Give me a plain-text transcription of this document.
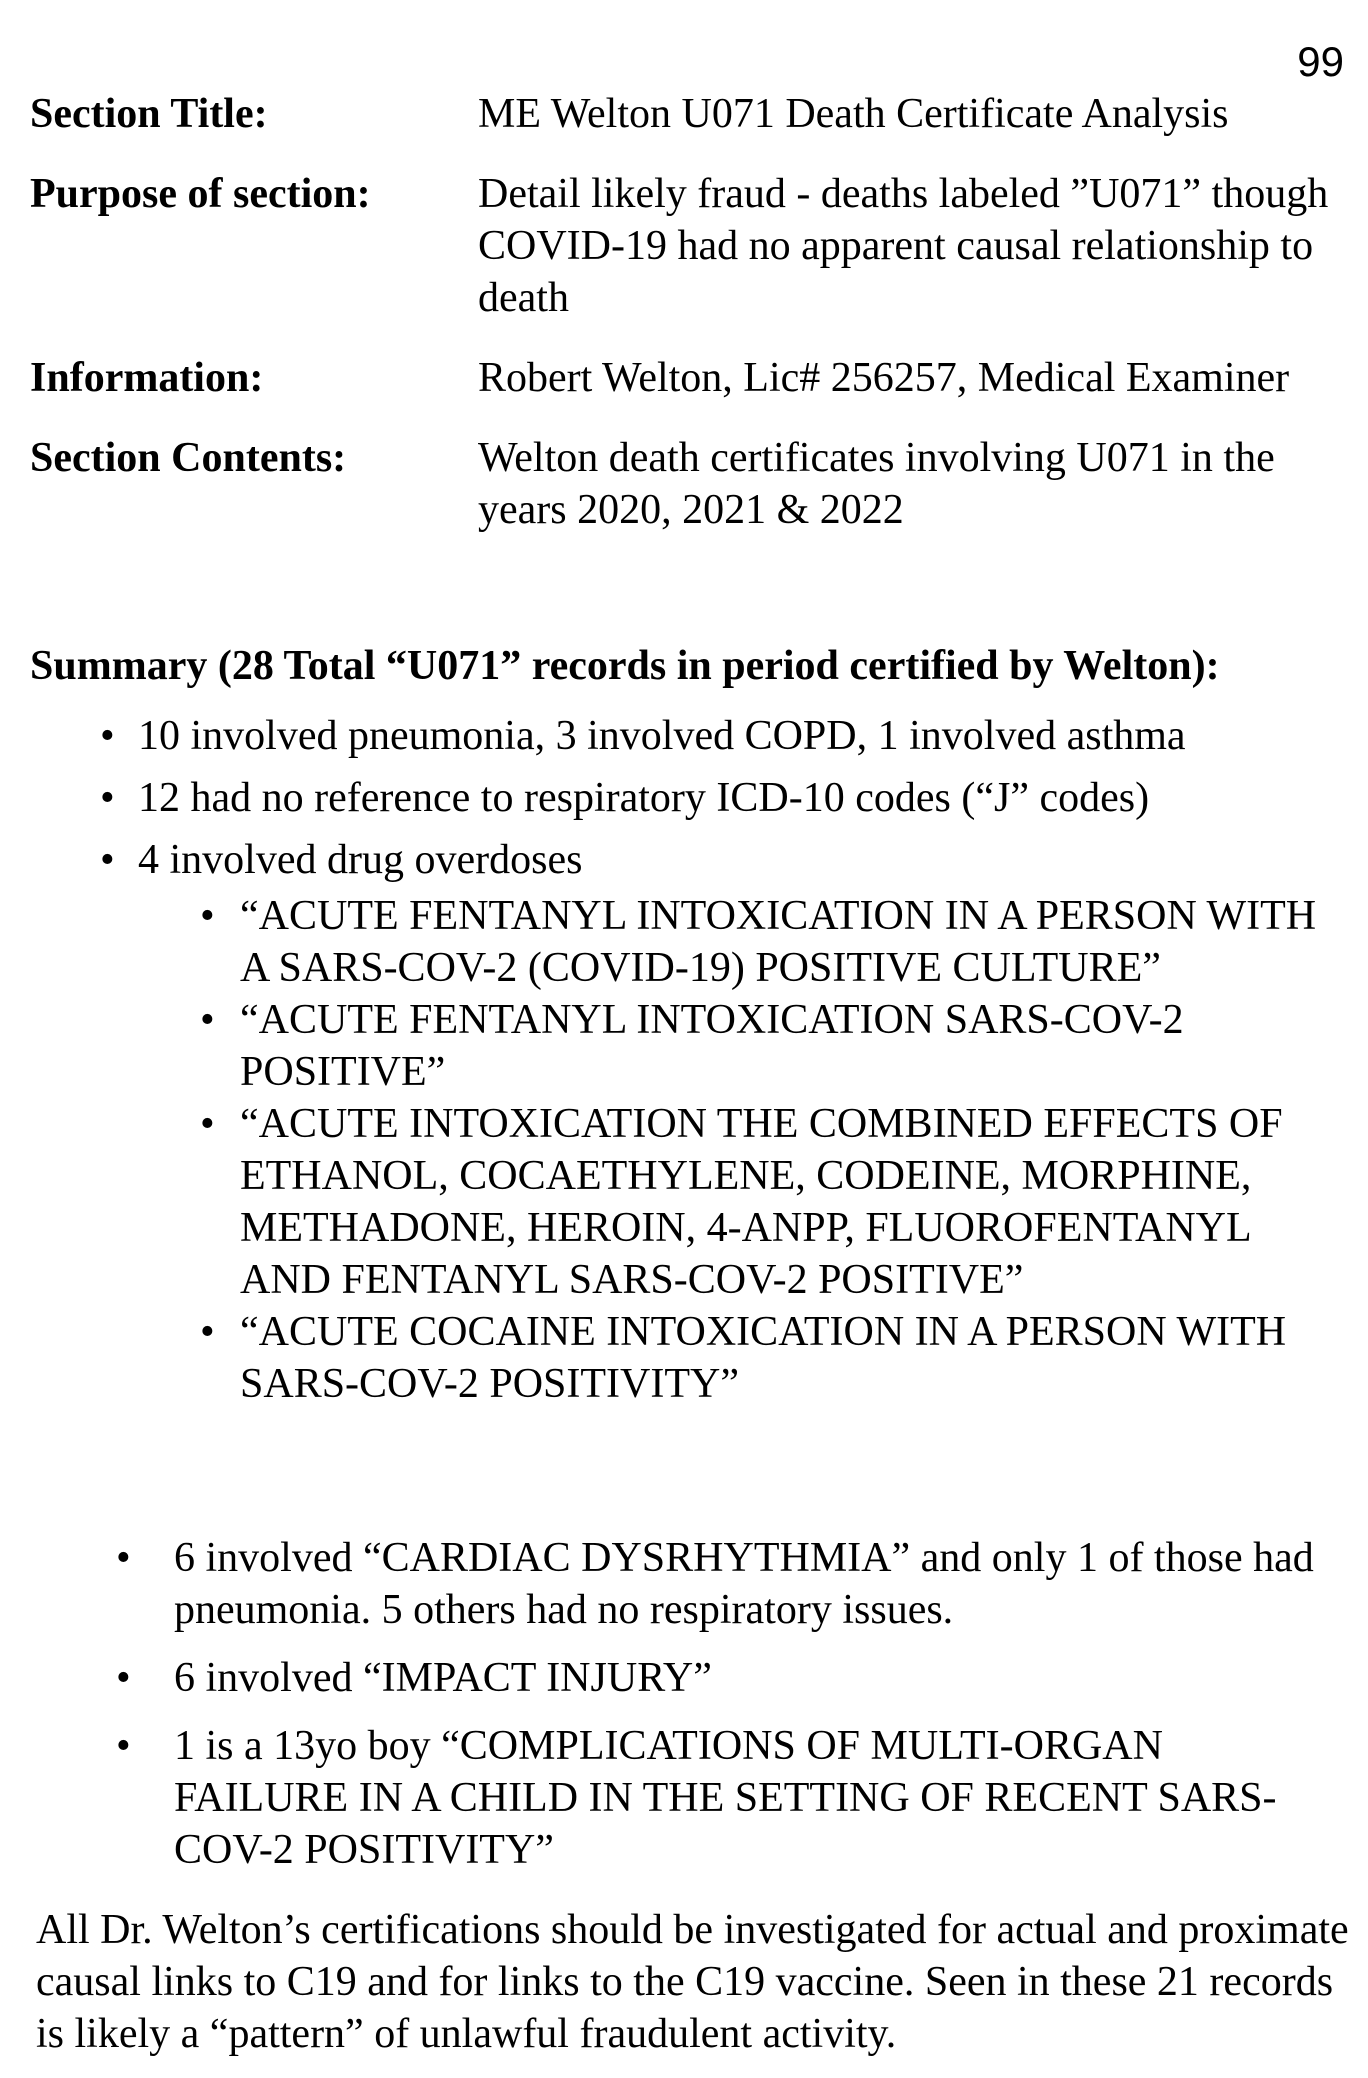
99
Section Title:	ME Welton U071 Death Certificate Analysis
Purpose of section:	Detail likely fraud - deaths labeled ”U071” though COVID-19 had no apparent causal relationship to death
Information:	Robert Welton, Lic# 256257, Medical Examiner
Section Contents:	Welton death certificates involving U071 in the years 2020, 2021 & 2022
Summary (28 Total “U071” records in period certified by Welton):
• 10 involved pneumonia, 3 involved COPD, 1 involved asthma
• 12 had no reference to respiratory ICD-10 codes (“J” codes)
• 4 involved drug overdoses
• “ACUTE FENTANYL INTOXICATION IN A PERSON WITH A SARS-COV-2 (COVID-19) POSITIVE CULTURE”
• “ACUTE FENTANYL INTOXICATION SARS-COV-2 POSITIVE”
• “ACUTE INTOXICATION THE COMBINED EFFECTS OF ETHANOL, COCAETHYLENE, CODEINE, MORPHINE, METHADONE, HEROIN, 4-ANPP, FLUOROFENTANYL AND FENTANYL SARS-COV-2 POSITIVE”
• “ACUTE COCAINE INTOXICATION IN A PERSON WITH SARS-COV-2 POSITIVITY”
• 6 involved “CARDIAC DYSRHYTHMIA” and only 1 of those had pneumonia. 5 others had no respiratory issues.
• 6 involved “IMPACT INJURY”
• 1 is a 13yo boy “COMPLICATIONS OF MULTI-ORGAN FAILURE IN A CHILD IN THE SETTING OF RECENT SARS-COV-2 POSITIVITY”
All Dr. Welton’s certifications should be investigated for actual and proximate causal links to C19 and for links to the C19 vaccine. Seen in these 21 records is likely a “pattern” of unlawful fraudulent activity.
